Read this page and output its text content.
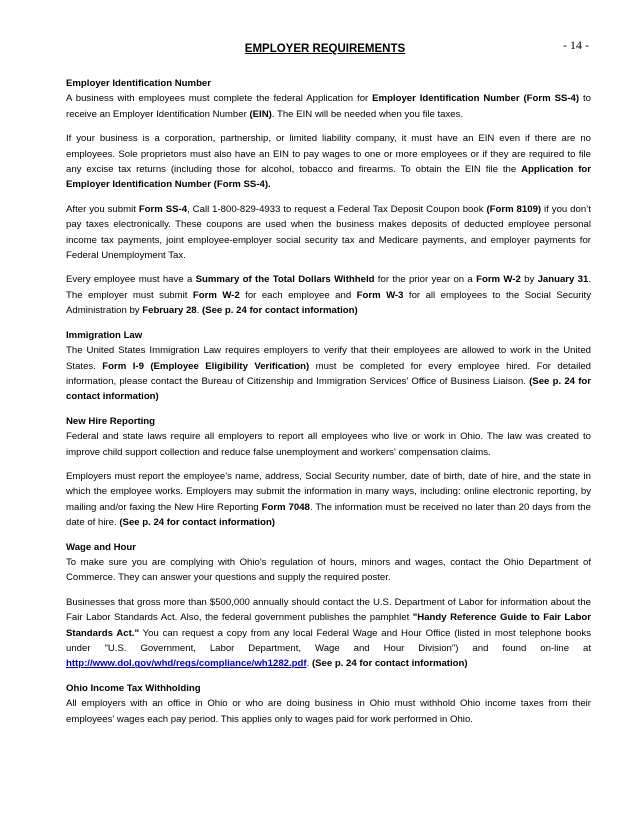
- 14 -
EMPLOYER REQUIREMENTS

Employer Identification Number
A business with employees must complete the federal Application for Employer Identification Number (Form SS-4) to receive an Employer Identification Number (EIN). The EIN will be needed when you file taxes.

If your business is a corporation, partnership, or limited liability company, it must have an EIN even if there are no employees. Sole proprietors must also have an EIN to pay wages to one or more employees or if they are required to file any excise tax returns (including those for alcohol, tobacco and firearms. To obtain the EIN file the Application for Employer Identification Number (Form SS-4).

After you submit Form SS-4, Call 1-800-829-4933 to request a Federal Tax Deposit Coupon book (Form 8109) if you don’t pay taxes electronically. These coupons are used when the business makes deposits of deducted employee personal income tax payments, joint employee-employer social security tax and Medicare payments, and employer payments for Federal Unemployment Tax.

Every employee must have a Summary of the Total Dollars Withheld for the prior year on a Form W-2 by January 31. The employer must submit Form W-2 for each employee and Form W-3 for all employees to the Social Security Administration by February 28. (See p. 24 for contact information)

Immigration Law
The United States Immigration Law requires employers to verify that their employees are allowed to work in the United States. Form I-9 (Employee Eligibility Verification) must be completed for every employee hired. For detailed information, please contact the Bureau of Citizenship and Immigration Services' Office of Business Liaison. (See p. 24 for contact information)

New Hire Reporting
Federal and state laws require all employers to report all employees who live or work in Ohio. The law was created to improve child support collection and reduce false unemployment and workers' compensation claims.

Employers must report the employee's name, address, Social Security number, date of birth, date of hire, and the state in which the employee works. Employers may submit the information in many ways, including: online electronic reporting, by mailing and/or faxing the New Hire Reporting Form 7048. The information must be received no later than 20 days from the date of hire. (See p. 24 for contact information)

Wage and Hour
To make sure you are complying with Ohio's regulation of hours, minors and wages, contact the Ohio Department of Commerce. They can answer your questions and supply the required poster.

Businesses that gross more than $500,000 annually should contact the U.S. Department of Labor for information about the Fair Labor Standards Act. Also, the federal government publishes the pamphlet "Handy Reference Guide to Fair Labor Standards Act." You can request a copy from any local Federal Wage and Hour Office (listed in most telephone books under "U.S. Government, Labor Department, Wage and Hour Division") and found on-line at http://www.dol.gov/whd/regs/compliance/wh1282.pdf. (See p. 24 for contact information)

Ohio Income Tax Withholding
All employers with an office in Ohio or who are doing business in Ohio must withhold Ohio income taxes from their employees' wages each pay period. This applies only to wages paid for work performed in Ohio.
